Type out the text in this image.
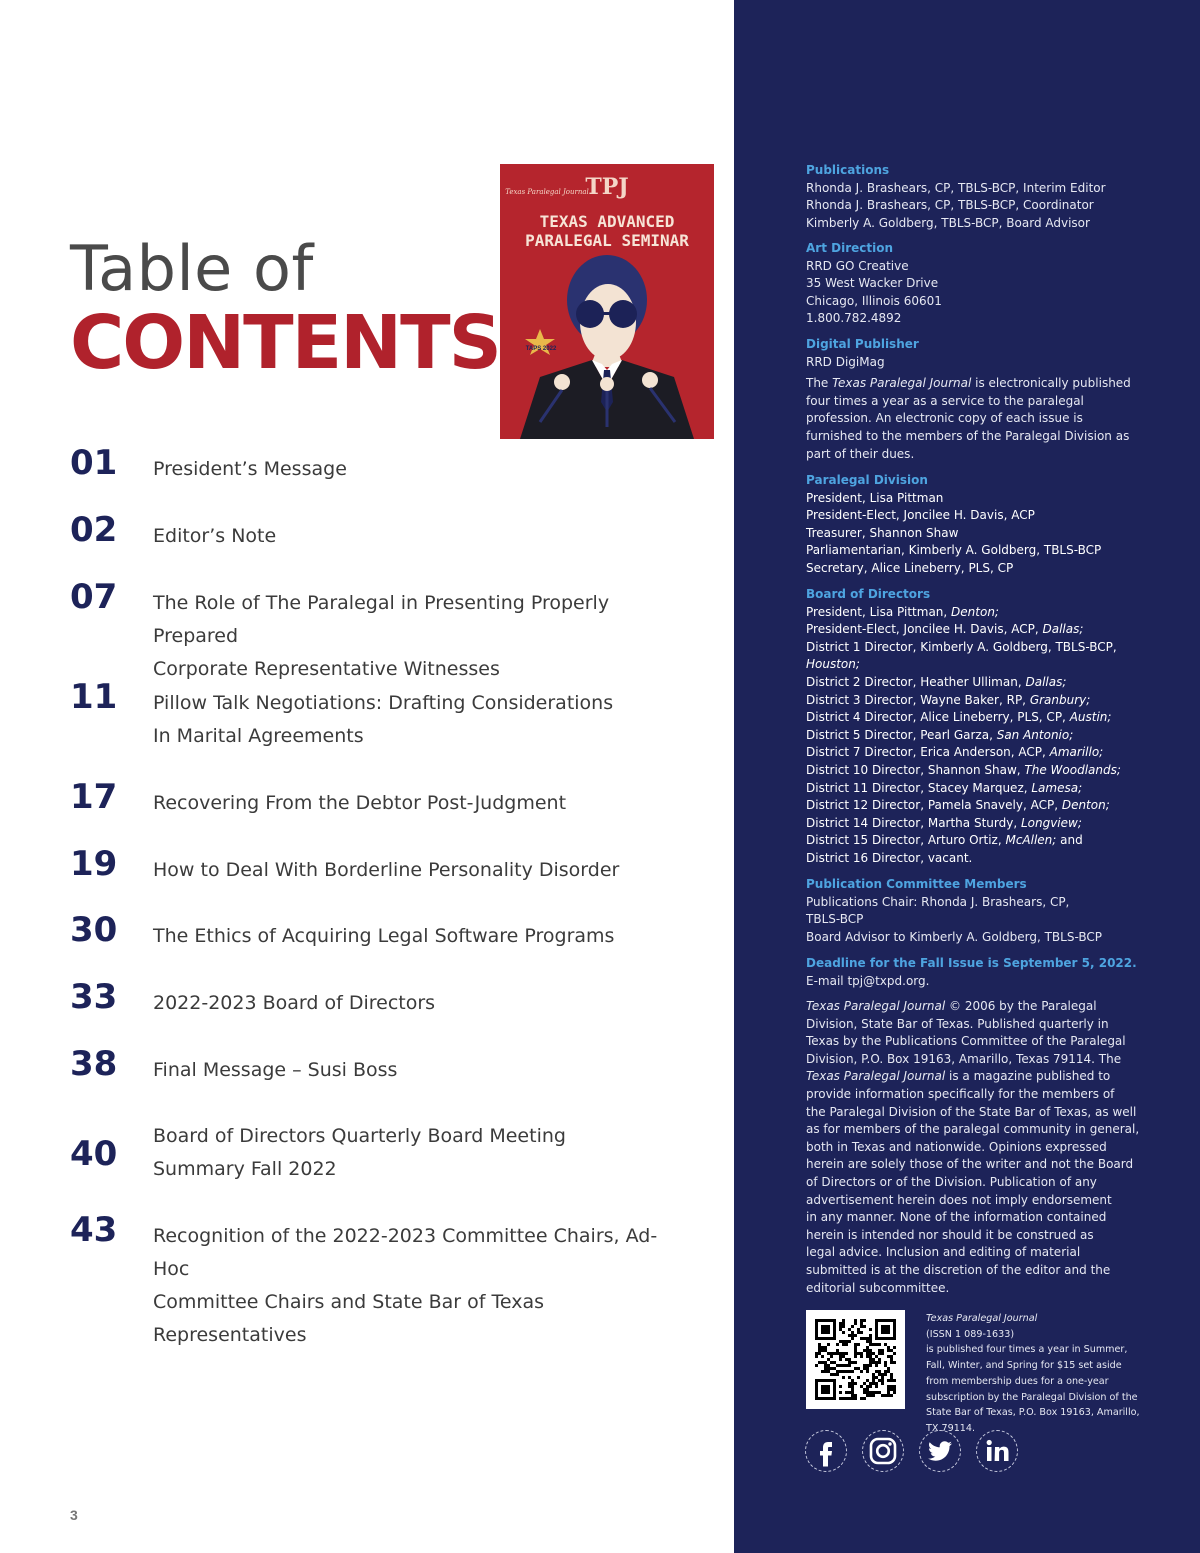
Table of
CONTENTS
TPJ
Texas Paralegal Journal
TEXAS ADVANCED
PARALEGAL SEMINAR
TAPS 2022
01 President’s Message
02 Editor’s Note
07 The Role of The Paralegal in Presenting Properly Prepared
Corporate Representative Witnesses
11 Pillow Talk Negotiations: Drafting Considerations
In Marital Agreements
17 Recovering From the Debtor Post-Judgment
19 How to Deal With Borderline Personality Disorder
30 The Ethics of Acquiring Legal Software Programs
33 2022-2023 Board of Directors
38 Final Message – Susi Boss
40 Board of Directors Quarterly Board Meeting
Summary Fall 2022
43 Recognition of the 2022-2023 Committee Chairs, Ad-Hoc
Committee Chairs and State Bar of Texas Representatives
3
Publications
Rhonda J. Brashears, CP, TBLS-BCP, Interim Editor
Rhonda J. Brashears, CP, TBLS-BCP, Coordinator
Kimberly A. Goldberg, TBLS-BCP, Board Advisor
Art Direction
RRD GO Creative
35 West Wacker Drive
Chicago, Illinois 60601
1.800.782.4892
Digital Publisher
RRD DigiMag
The Texas Paralegal Journal is electronically published
four times a year as a service to the paralegal
profession. An electronic copy of each issue is
furnished to the members of the Paralegal Division as
part of their dues.
Paralegal Division
President, Lisa Pittman
President-Elect, Joncilee H. Davis, ACP
Treasurer, Shannon Shaw
Parliamentarian, Kimberly A. Goldberg, TBLS-BCP
Secretary, Alice Lineberry, PLS, CP
Board of Directors
President, Lisa Pittman, Denton;
President-Elect, Joncilee H. Davis, ACP, Dallas;
District 1 Director, Kimberly A. Goldberg, TBLS-BCP,
Houston;
District 2 Director, Heather Ulliman, Dallas;
District 3 Director, Wayne Baker, RP, Granbury;
District 4 Director, Alice Lineberry, PLS, CP, Austin;
District 5 Director, Pearl Garza, San Antonio;
District 7 Director, Erica Anderson, ACP, Amarillo;
District 10 Director, Shannon Shaw, The Woodlands;
District 11 Director, Stacey Marquez, Lamesa;
District 12 Director, Pamela Snavely, ACP, Denton;
District 14 Director, Martha Sturdy, Longview;
District 15 Director, Arturo Ortiz, McAllen; and
District 16 Director, vacant.
Publication Committee Members
Publications Chair: Rhonda J. Brashears, CP,
TBLS-BCP
Board Advisor to Kimberly A. Goldberg, TBLS-BCP
Deadline for the Fall Issue is September 5, 2022.
E-mail tpj@txpd.org.
Texas Paralegal Journal © 2006 by the Paralegal
Division, State Bar of Texas. Published quarterly in
Texas by the Publications Committee of the Paralegal
Division, P.O. Box 19163, Amarillo, Texas 79114. The
Texas Paralegal Journal is a magazine published to
provide information specifically for the members of
the Paralegal Division of the State Bar of Texas, as well
as for members of the paralegal community in general,
both in Texas and nationwide. Opinions expressed
herein are solely those of the writer and not the Board
of Directors or of the Division. Publication of any
advertisement herein does not imply endorsement
in any manner. None of the information contained
herein is intended nor should it be construed as
legal advice. Inclusion and editing of material
submitted is at the discretion of the editor and the
editorial subcommittee.
Texas Paralegal Journal
(ISSN 1 089-1633)
is published four times a year in Summer,
Fall, Winter, and Spring for $15 set aside
from membership dues for a one-year
subscription by the Paralegal Division of the
State Bar of Texas, P.O. Box 19163, Amarillo,
TX 79114.
